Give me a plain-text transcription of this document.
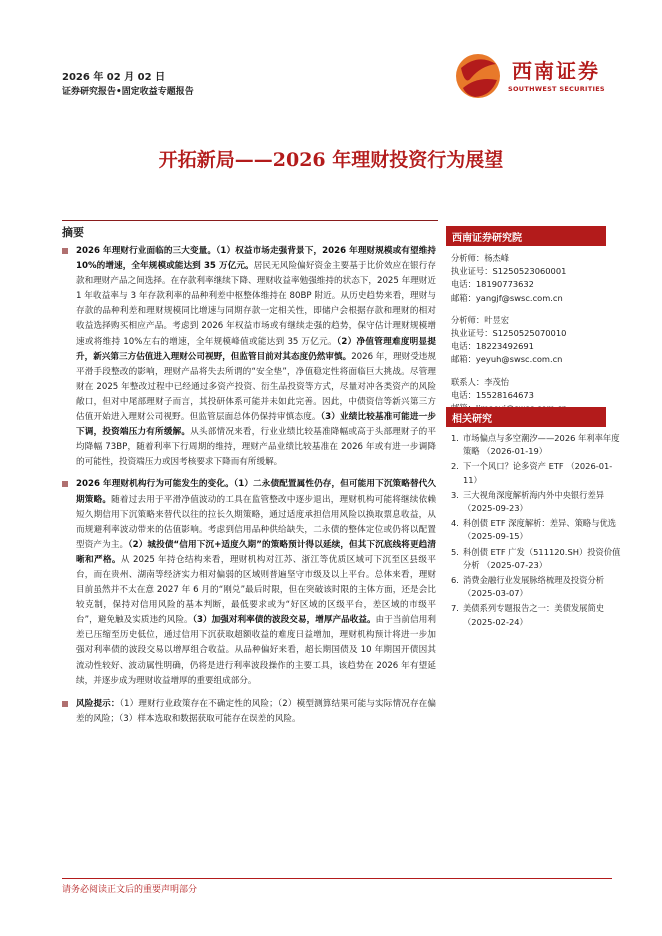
2026 年 02 月 02 日
证券研究报告•固定收益专题报告
西南证券
SOUTHWEST SECURITIES
开拓新局——2026 年理财投资行为展望
摘要
2026 年理财行业面临的三大变量。（1）权益市场走强背景下，2026 年理财规模或有望维持 10%的增速，全年规模或能达到 35 万亿元。居民无风险偏好资金主要基于比价效应在银行存款和理财产品之间选择。在存款利率继续下降、理财收益率勉强维持的状态下，2025 年理财近 1 年收益率与 3 年存款利率的品种利差中枢整体维持在 80BP 附近。从历史趋势来看，理财与存款的品种利差和理财规模同比增速与同期存款一定相关性，即储户会根据存款和理财的相对收益选择购买相应产品。考虑到 2026 年权益市场或有继续走强的趋势，保守估计理财规模增速或将维持 10%左右的增速，全年规模峰值或能达到 35 万亿元。（2）净值管理难度明显提升，新兴第三方估值进入理财公司视野，但监管目前对其态度仍然审慎。2026 年，理财受违规平滑手段整改的影响，理财产品将失去所谓的“安全垫”，净值稳定性将面临巨大挑战。尽管理财在 2025 年整改过程中已经通过多资产投资、衍生品投资等方式，尽量对冲各类资产的风险敞口，但对中尾部理财子而言，其投研体系可能并未如此完善。因此，中债资信等新兴第三方估值开始进入理财公司视野。但监管层面总体仍保持审慎态度。（3）业绩比较基准可能进一步下调，投资端压力有所缓解。从头部情况来看，行业业绩比较基准降幅或高于头部理财子的平均降幅 73BP，随着利率下行周期的维持，理财产品业绩比较基准在 2026 年或有进一步调降的可能性，投资端压力或因考核要求下降而有所缓解。
2026 年理财机构行为可能发生的变化。（1）二永债配置属性仍存，但可能用下沉策略替代久期策略。随着过去用于平滑净值波动的工具在监管整改中逐步退出，理财机构可能将继续依赖短久期信用下沉策略来替代以往的拉长久期策略，通过适度承担信用风险以换取票息收益，从而规避利率波动带来的估值影响。考虑到信用品种供给缺失，二永债的整体定位或仍将以配置型资产为主。（2）城投债“信用下沉+适度久期”的策略预计得以延续，但其下沉底线将更趋清晰和严格。从 2025 年持仓结构来看，理财机构对江苏、浙江等优质区域可下沉至区县级平台，而在贵州、湖南等经济实力相对偏弱的区域则普遍坚守市级及以上平台。总体来看，理财目前虽然并不太在意 2027 年 6 月的“刚兑”最后时限，但在突破该时限的主体方面，还是会比较克制，保持对信用风险的基本判断，最低要求或为“好区域的区级平台，差区域的市级平台”，避免触及实质违约风险。（3）加强对利率债的波段交易，增厚产品收益。由于当前信用利差已压缩至历史低位，通过信用下沉获取超额收益的难度日益增加，理财机构预计将进一步加强对利率债的波段交易以增厚组合收益。从品种偏好来看，超长期国债及 10 年期国开债因其流动性较好、波动属性明确，仍将是进行利率波段操作的主要工具，该趋势在 2026 年有望延续，并逐步成为理财收益增厚的重要组成部分。
风险提示：（1）理财行业政策存在不确定性的风险；（2）模型测算结果可能与实际情况存在偏差的风险；（3）样本选取和数据获取可能存在误差的风险。
西南证券研究院
分析师：杨杰峰
执业证号：S1250523060001
电话：18190773632
邮箱：yangjf@swsc.com.cn
分析师：叶昱宏
执业证号：S1250525070010
电话：18223492691
邮箱：yeyuh@swsc.com.cn
联系人：李茂怡
电话：15528164673
相关研究
1. 市场偏点与多空潮汐——2026 年利率年度策略 （2026-01-19）
2. 下一个风口？论多资产 ETF （2026-01-11）
3. 三大视角深度解析海内外中央银行差异 （2025-09-23）
4. 科创债 ETF 深度解析：差异、策略与优选 （2025-09-15）
5. 科创债 ETF 广发（511120.SH）投资价值分析 （2025-07-23）
6. 消费金融行业发展脉络梳理及投资分析 （2025-03-07）
7. 美债系列专题报告之一：美债发展简史 （2025-02-24）
请务必阅读正文后的重要声明部分
